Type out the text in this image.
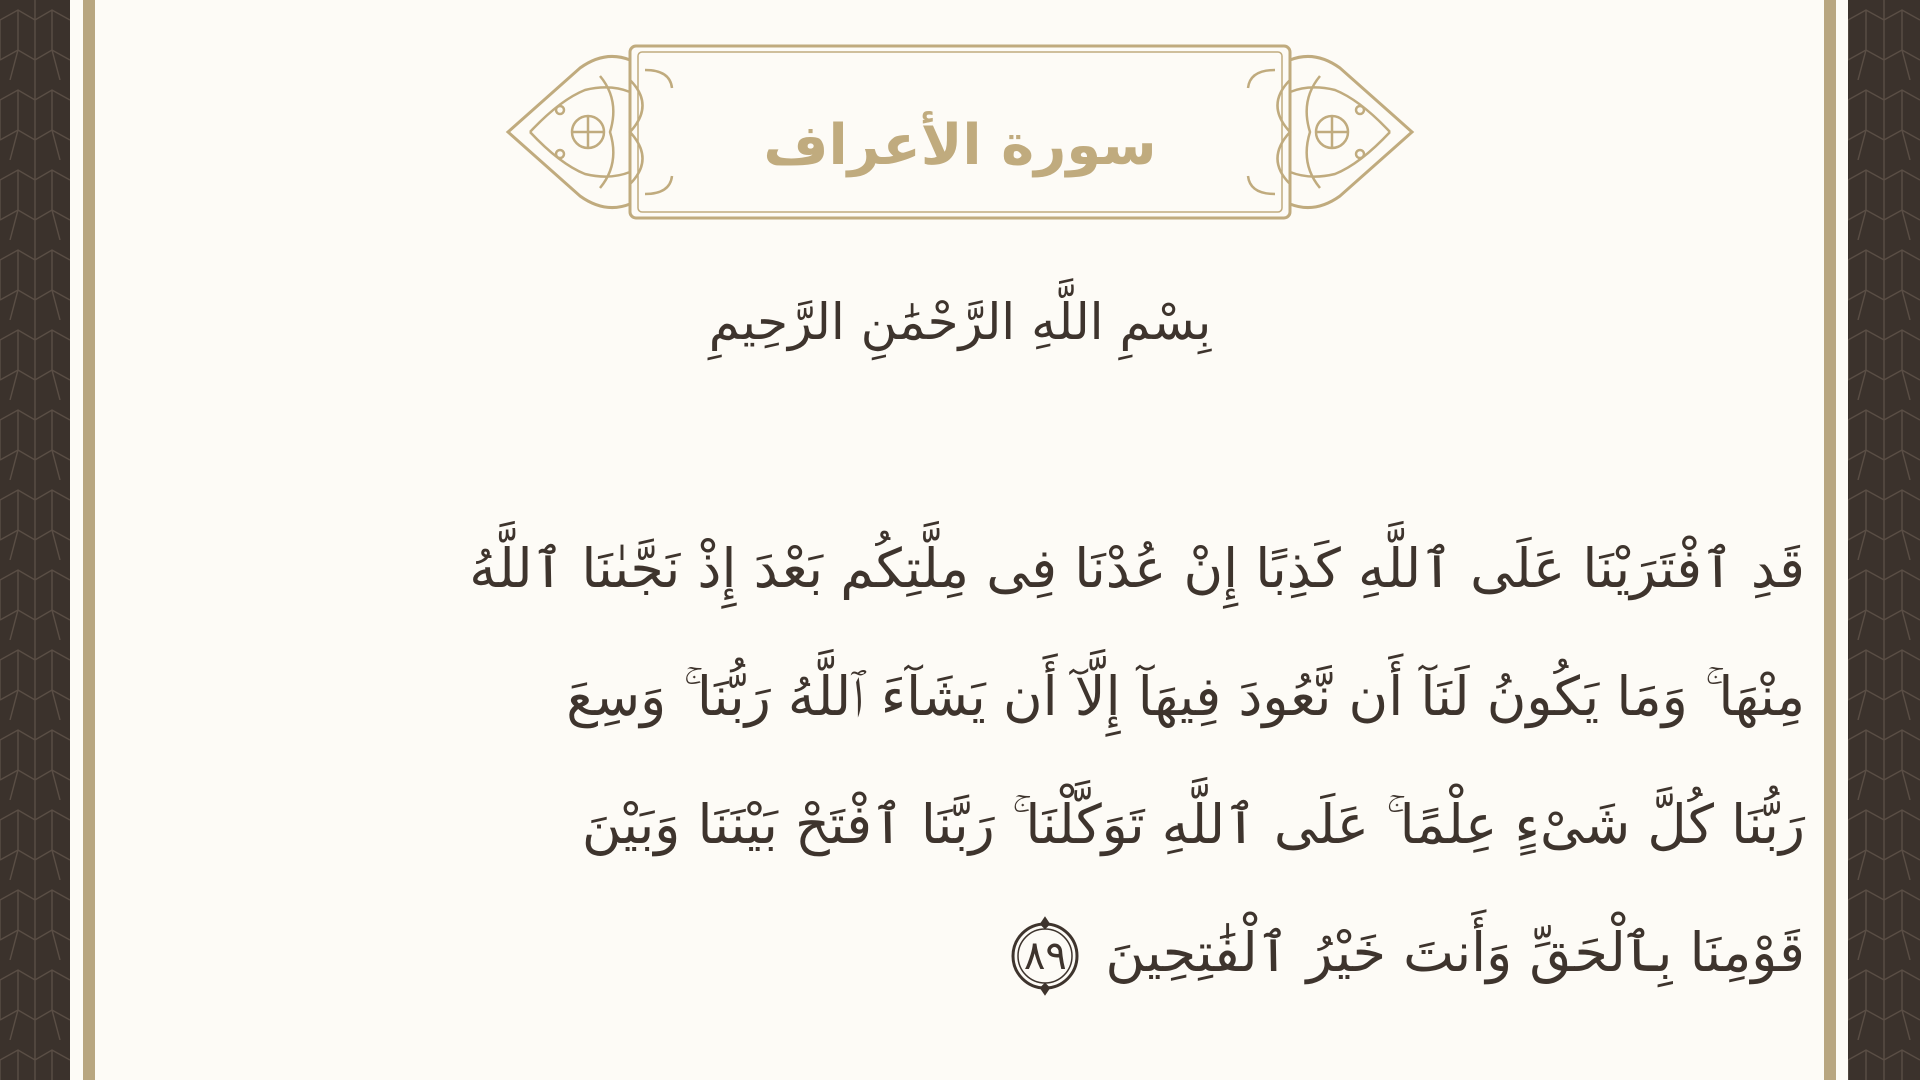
سورة الأعراف
بِسْمِ اللَّهِ الرَّحْمَٰنِ الرَّحِيمِ
قَدِ ٱفْتَرَيْنَا عَلَى ٱللَّهِ كَذِبًا إِنْ عُدْنَا فِى مِلَّتِكُم بَعْدَ إِذْ نَجَّىٰنَا ٱللَّهُ
مِنْهَا ۚ وَمَا يَكُونُ لَنَآ أَن نَّعُودَ فِيهَآ إِلَّآ أَن يَشَآءَ ٱللَّهُ رَبُّنَا ۚ وَسِعَ
رَبُّنَا كُلَّ شَىْءٍ عِلْمًا ۚ عَلَى ٱللَّهِ تَوَكَّلْنَا ۚ رَبَّنَا ٱفْتَحْ بَيْنَنَا وَبَيْنَ
قَوْمِنَا بِٱلْحَقِّ وَأَنتَ خَيْرُ ٱلْفَٰتِحِينَ
٨٩
